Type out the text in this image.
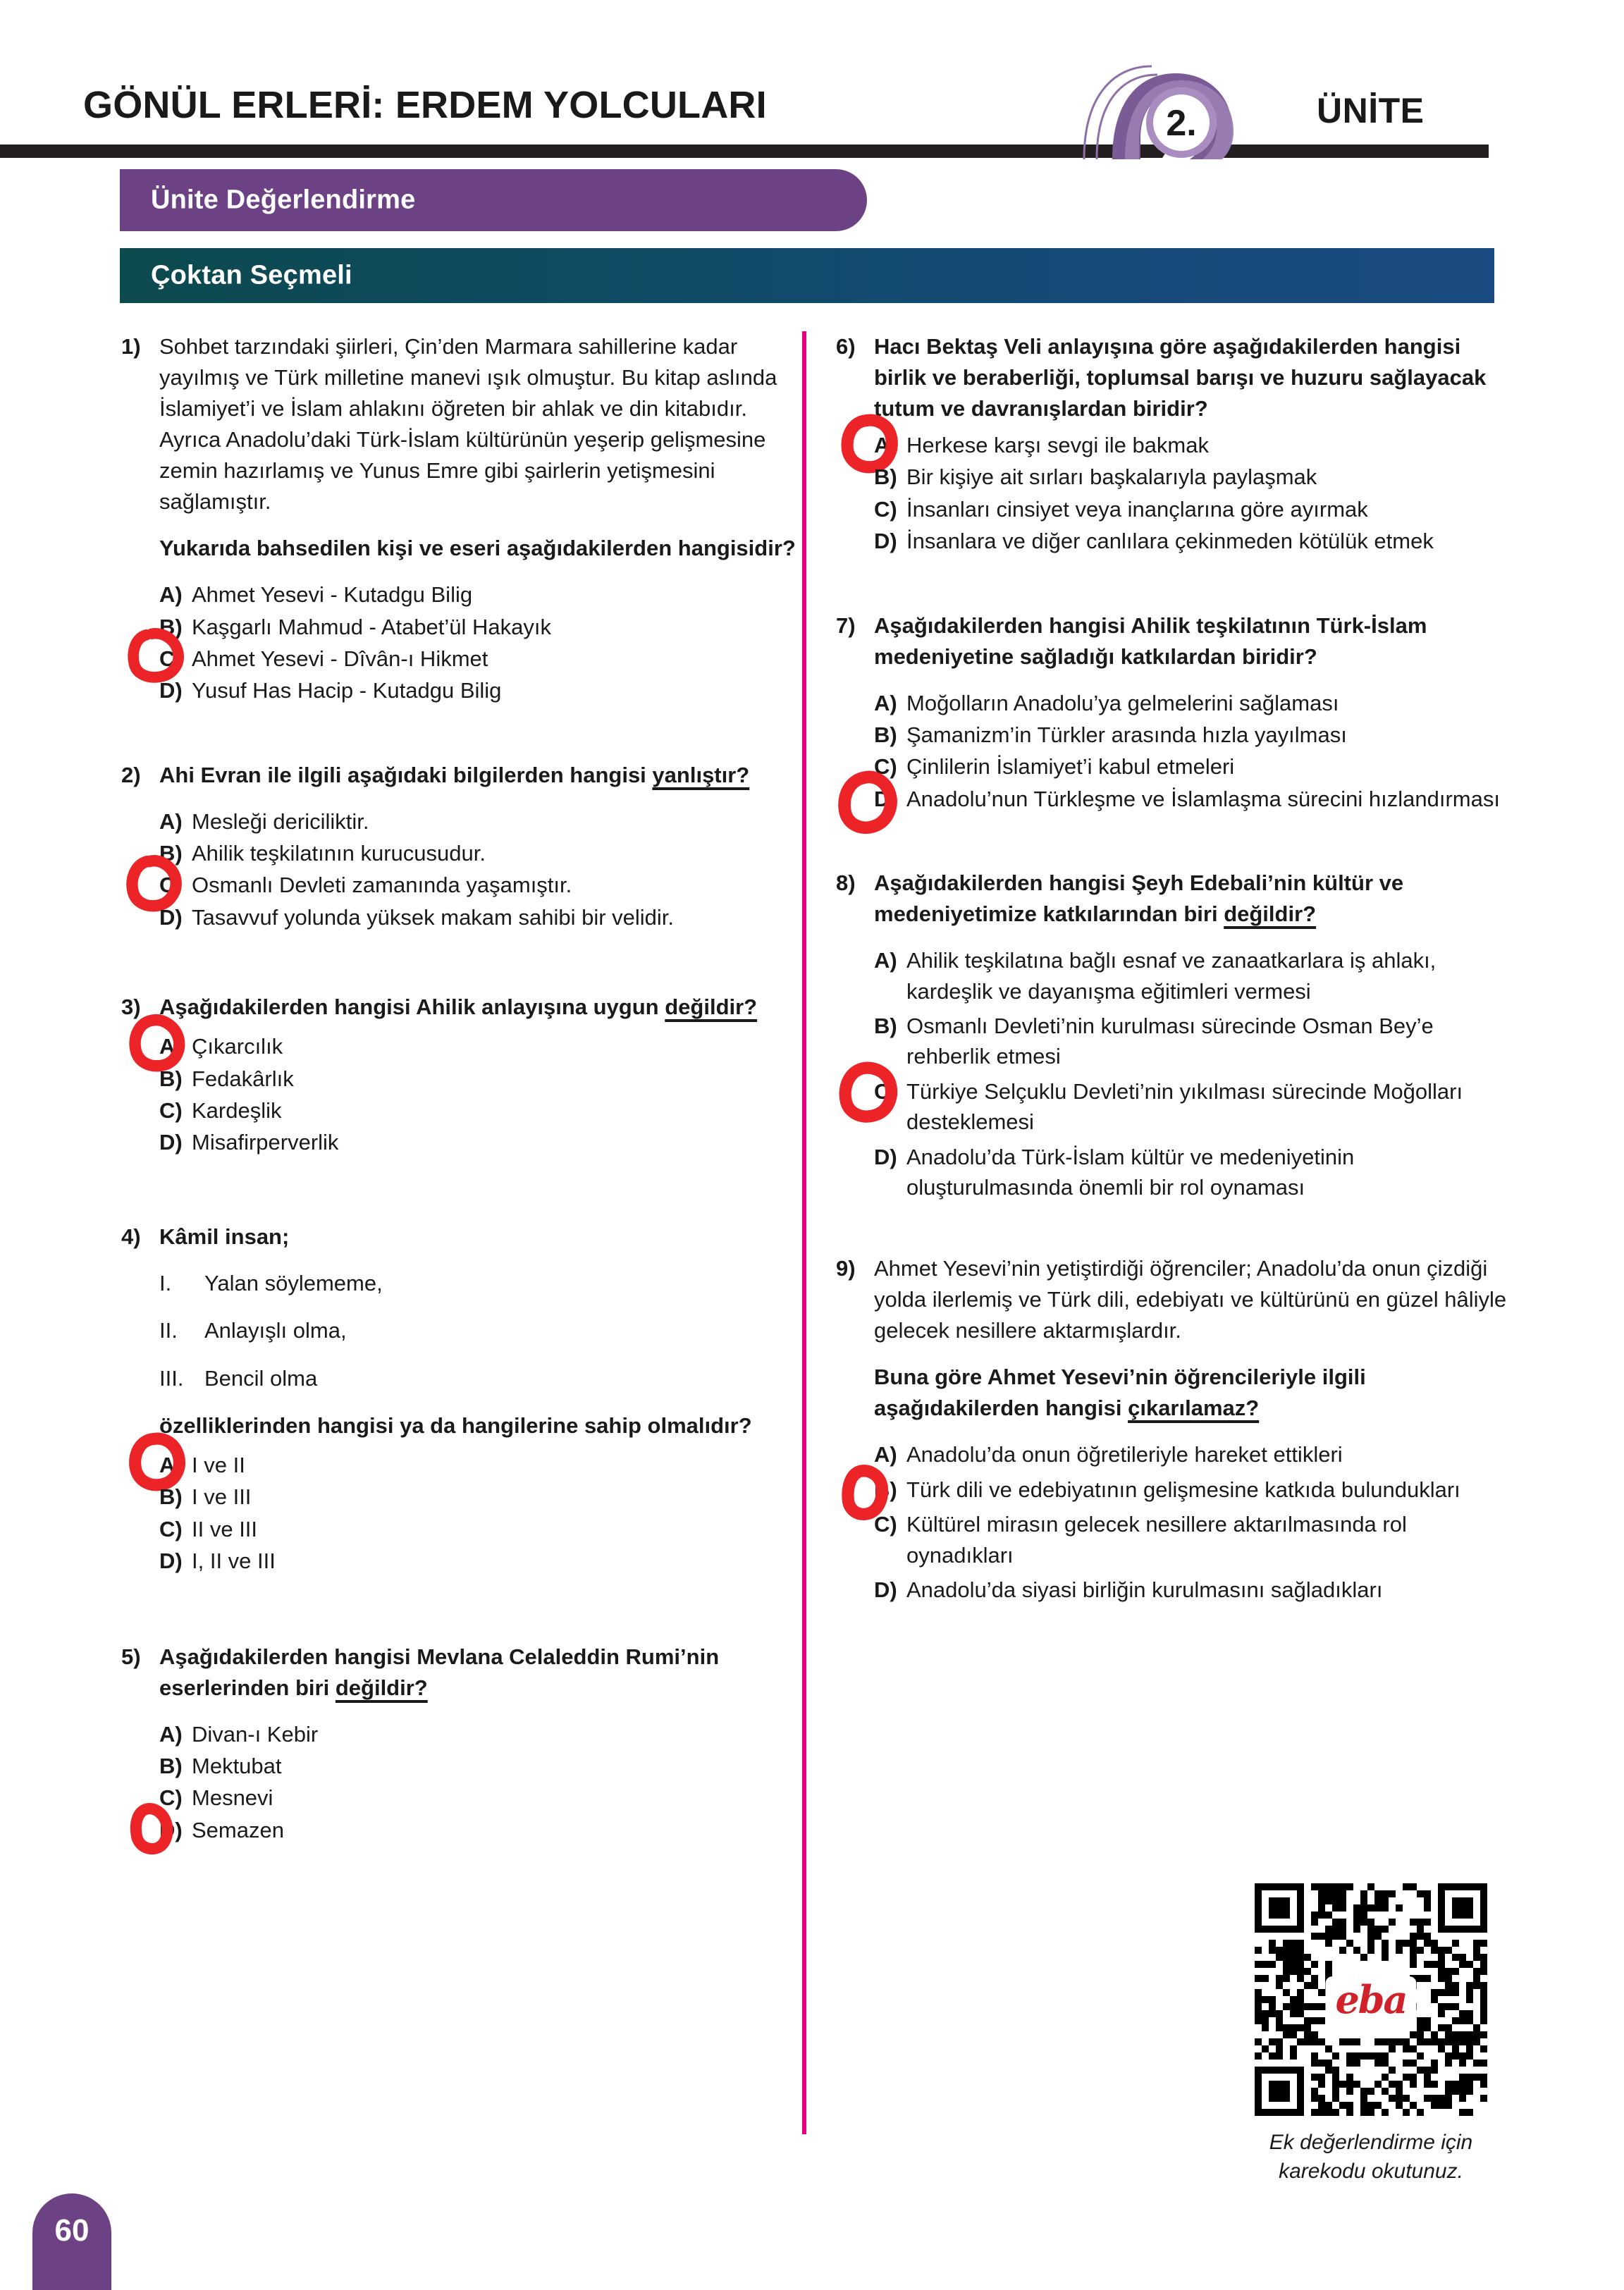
GÖNÜL ERLERİ: ERDEM YOLCULARI	2.	ÜNİTE
Ünite Değerlendirme
Çoktan Seçmeli
1) Sohbet tarzındaki şiirleri, Çin’den Marmara sahillerine kadar yayılmış ve Türk milletine manevi ışık olmuştur. Bu kitap aslında İslamiyet’i ve İslam ahlakını öğreten bir ahlak ve din kitabıdır. Ayrıca Anadolu’daki Türk-İslam kültürünün yeşerip gelişmesine zemin hazırlamış ve Yunus Emre gibi şairlerin yetişmesini sağlamıştır.
Yukarıda bahsedilen kişi ve eseri aşağıdakilerden hangisidir?
A) Ahmet Yesevi - Kutadgu Bilig
B) Kaşgarlı Mahmud - Atabet’ül Hakayık
C) Ahmet Yesevi - Dîvân-ı Hikmet
D) Yusuf Has Hacip - Kutadgu Bilig
2) Ahi Evran ile ilgili aşağıdaki bilgilerden hangisi yanlıştır?
A) Mesleği dericiliktir.
B) Ahilik teşkilatının kurucusudur.
C) Osmanlı Devleti zamanında yaşamıştır.
D) Tasavvuf yolunda yüksek makam sahibi bir velidir.
3) Aşağıdakilerden hangisi Ahilik anlayışına uygun değildir?
A) Çıkarcılık
B) Fedakârlık
C) Kardeşlik
D) Misafirperverlik
4) Kâmil insan;
I.	Yalan söylememe,
II.	Anlayışlı olma,
III. Bencil olma
özelliklerinden hangisi ya da hangilerine sahip olmalıdır?
A) I ve II
B) I ve III
C) II ve III
D) I, II ve III
5) Aşağıdakilerden hangisi Mevlana Celaleddin Rumi’nin eserlerinden biri değildir?
A) Divan-ı Kebir
B) Mektubat
C) Mesnevi
D) Semazen
6) Hacı Bektaş Veli anlayışına göre aşağıdakilerden hangisi birlik ve beraberliği, toplumsal barışı ve huzuru sağlayacak tutum ve davranışlardan biridir?
A) Herkese karşı sevgi ile bakmak
B) Bir kişiye ait sırları başkalarıyla paylaşmak
C) İnsanları cinsiyet veya inançlarına göre ayırmak
D) İnsanlara ve diğer canlılara çekinmeden kötülük etmek
7) Aşağıdakilerden hangisi Ahilik teşkilatının Türk-İslam medeniyetine sağladığı katkılardan biridir?
A) Moğolların Anadolu’ya gelmelerini sağlaması
B) Şamanizm’in Türkler arasında hızla yayılması
C) Çinlilerin İslamiyet’i kabul etmeleri
D) Anadolu’nun Türkleşme ve İslamlaşma sürecini hızlandırması
8) Aşağıdakilerden hangisi Şeyh Edebali’nin kültür ve medeniyetimize katkılarından biri değildir?
A) Ahilik teşkilatına bağlı esnaf ve zanaatkarlara iş ahlakı, kardeşlik ve dayanışma eğitimleri vermesi
B) Osmanlı Devleti’nin kurulması sürecinde Osman Bey’e rehberlik etmesi
C) Türkiye Selçuklu Devleti’nin yıkılması sürecinde Moğolları desteklemesi
D) Anadolu’da Türk-İslam kültür ve medeniyetinin oluşturulmasında önemli bir rol oynaması
9) Ahmet Yesevi’nin yetiştirdiği öğrenciler; Anadolu’da onun çizdiği yolda ilerlemiş ve Türk dili, edebiyatı ve kültürünü en güzel hâliyle gelecek nesillere aktarmışlardır.
Buna göre Ahmet Yesevi’nin öğrencileriyle ilgili aşağıdakilerden hangisi çıkarılamaz?
A) Anadolu’da onun öğretileriyle hareket ettikleri
B) Türk dili ve edebiyatının gelişmesine katkıda bulundukları
C) Kültürel mirasın gelecek nesillere aktarılmasında rol oynadıkları
D) Anadolu’da siyasi birliğin kurulmasını sağladıkları
eba
Ek değerlendirme için
karekodu okutunuz.
60
